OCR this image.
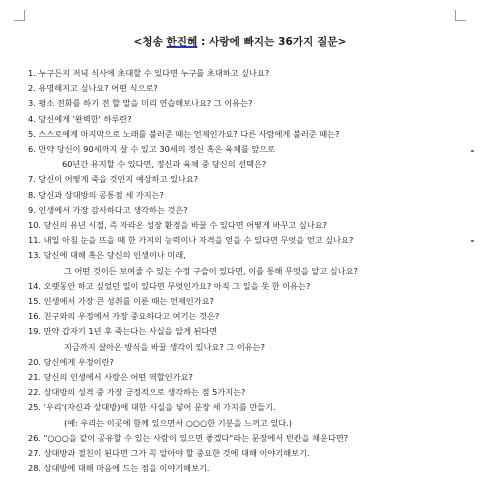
<청송 한진혜 : 사랑에 빠지는 36가지 질문>
1. 누구든지 저녁 식사에 초대할 수 있다면 누구를 초대하고 싶나요?
2. 유명해지고 싶나요? 어떤 식으로?
3. 평소 전화를 하기 전 할 말을 미리 연습해보나요? 그 이유는?
4. 당신에게 '완벽한' 하루란?
5. 스스로에게 마지막으로 노래를 불러준 때는 언제인가요? 다른 사람에게 불러준 때는?
6. 만약 당신이 90세까지 살 수 있고 30세의 정신 혹은 육체를 앞으로
60년간 유지할 수 있다면, 정신과 육체 중 당신의 선택은?
7. 당신이 어떻게 죽을 것인지 예상하고 있나요?
8. 당신과 상대방의 공통점 세 가지는?
9. 인생에서 가장 감사하다고 생각하는 것은?
10. 당신의 유년 시절, 즉 자라온 성장 환경을 바꿀 수 있다면 어떻게 바꾸고 싶나요?
11. 내일 아침 눈을 뜨을 때 한 가지의 능력이나 자격을 얻을 수 있다면 무엇을 얻고 싶나요?
13. 당신에 대해 혹은 당신의 인생이나 미래,
그 어떤 것이든 보여줄 수 있는 수정 구슬이 있다면, 이를 통해 무엇을 알고 싶나요?
14. 오랫동안 하고 싶었던 일이 있다면 무엇인가요? 아직 그 일을 못 한 이유는?
15. 인생에서 가장 큰 성취를 이룬 때는 언제인가요?
16. 친구와의 우정에서 가장 중요하다고 여기는 것은?
19. 만약 갑자기 1년 후 죽는다는 사실을 알게 된다면
지금까지 살아온 방식을 바꿀 생각이 있나요? 그 이유는?
20. 당신에게 우정이란?
21. 당신의 인생에서 사랑은 어떤 역할인가요?
22. 상대방의 성격 중 가장 긍정적으로 생각하는 점 5가지는?
25. '우리'(자신과 상대방)에 대한 사실을 넣어 문장 세 가지를 만들기.
(예: 우리는 이곳에 함께 있으면서 ○○○한 기분을 느끼고 있다.)
26. "○○○을 같이 공유할 수 있는 사람이 있으면 좋겠다"라는 문장에서 빈칸을 채운다면?
27. 상대방과 절친이 된다면 그가 꼭 알아야 할 중요한 것에 대해 이야기해보기.
28. 상대방에 대해 마음에 드는 점을 이야기해보기.
